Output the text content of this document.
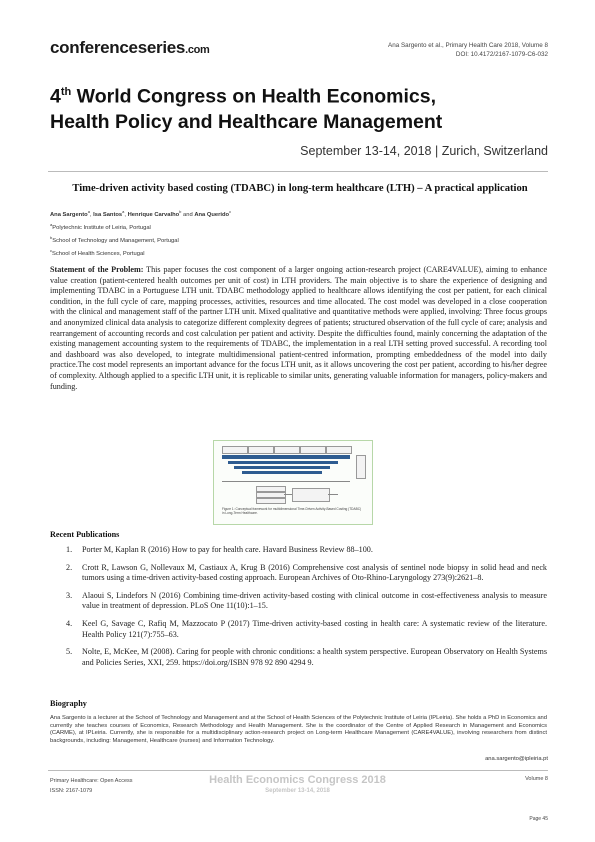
conferenceseries.com	Ana Sargento et al., Primary Health Care 2018, Volume 8
DOI: 10.4172/2167-1079-C6-032
4th World Congress on Health Economics,
Health Policy and Healthcare Management
September 13-14, 2018 | Zurich, Switzerland
Time-driven activity based costing (TDABC) in long-term healthcare (LTH) – A practical application
Ana Sargento$^a$, Isa Santos$^a$, Henrique Carvalho$^b$ and Ana Querido$^c$
$^a$Polytechnic Institute of Leiria, Portugal
$^b$School of Technology and Management, Portugal
$^c$School of Health Sciences, Portugal
Statement of the Problem: This paper focuses the cost component of a larger ongoing action-research project (CARE4VALUE), aiming to enhance value creation (patient-centered health outcomes per unit of cost) in LTH providers. The main objective is to share the experience of designing and implementing TDABC in a Portuguese LTH unit. TDABC methodology applied to healthcare allows identifying the cost per patient, for each clinical condition, in the full cycle of care, mapping processes, activities, resources and time allocated. The cost model was developed in a close cooperation with the clinical and management staff of the partner LTH unit. Mixed qualitative and quantitative methods were applied, involving: Three focus groups and anonymized clinical data analysis to categorize different complexity degrees of patients; structured observation of the full cycle of care; analysis and rearrangement of accounting records and cost calculation per patient and activity. Despite the difficulties found, mainly concerning the adaptation of the existing management accounting system to the requirements of TDABC, the implementation in a real LTH setting proved successful. A recording tool and dashboard was also developed, to integrate multidimensional patient-centred information, prompting embeddedness of the model into daily practice.The cost model represents an important advance for the focus LTH unit, as it allows uncovering the cost per patient, according to his/her degree of complexity. Although applied to a specific LTH unit, it is replicable to similar units, generating valuable information for managers, policy-makers and funding.
Figure 1: Conceptual framework for multidimensional Time-Driven Activity-Based Costing (TDABC) in Long-Term Healthcare.
Recent Publications
1. Porter M, Kaplan R (2016) How to pay for health care. Havard Business Review 88–100.
2. Crott R, Lawson G, Nollevaux M, Castiaux A, Krug B (2016) Comprehensive cost analysis of sentinel node biopsy in solid head and neck tumors using a time-driven activity-based costing approach. European Archives of Oto-Rhino-Laryngology 273(9):2621–8.
3. Alaoui S, Lindefors N (2016) Combining time-driven activity-based costing with clinical outcome in cost-effectiveness analysis to measure value in treatment of depression. PLoS One 11(10):1–15.
4. Keel G, Savage C, Rafiq M, Mazzocato P (2017) Time-driven activity-based costing in health care: A systematic review of the literature. Health Policy 121(7):755–63.
5. Nolte, E, McKee, M (2008). Caring for people with chronic conditions: a health system perspective. European Observatory on Health Systems and Policies Series, XXI, 259. https://doi.org/ISBN 978 92 890 4294 9.
Biography
Ana Sargento is a lecturer at the School of Technology and Management and at the School of Health Sciences of the Polytechnic Institute of Leiria (IPLeiria). She holds a PhD in Economics and currently she teaches courses of Economics, Research Methodology and Health Management. She is the coordinator of the Centre of Applied Research in Management and Economics (CARME), at IPLeiria. Currently, she is responsible for a multidisciplinary action-research project on Long-term Healthcare Management (CARE4VALUE), involving researchers from distinct backgrounds, including: Management, Healthcare (nurses) and Information Technology.
ana.sargento@ipleiria.pt
Primary Healthcare: Open Access
ISSN: 2167-1079
Health Economics Congress 2018
September 13-14, 2018
Volume 8
Page 45
